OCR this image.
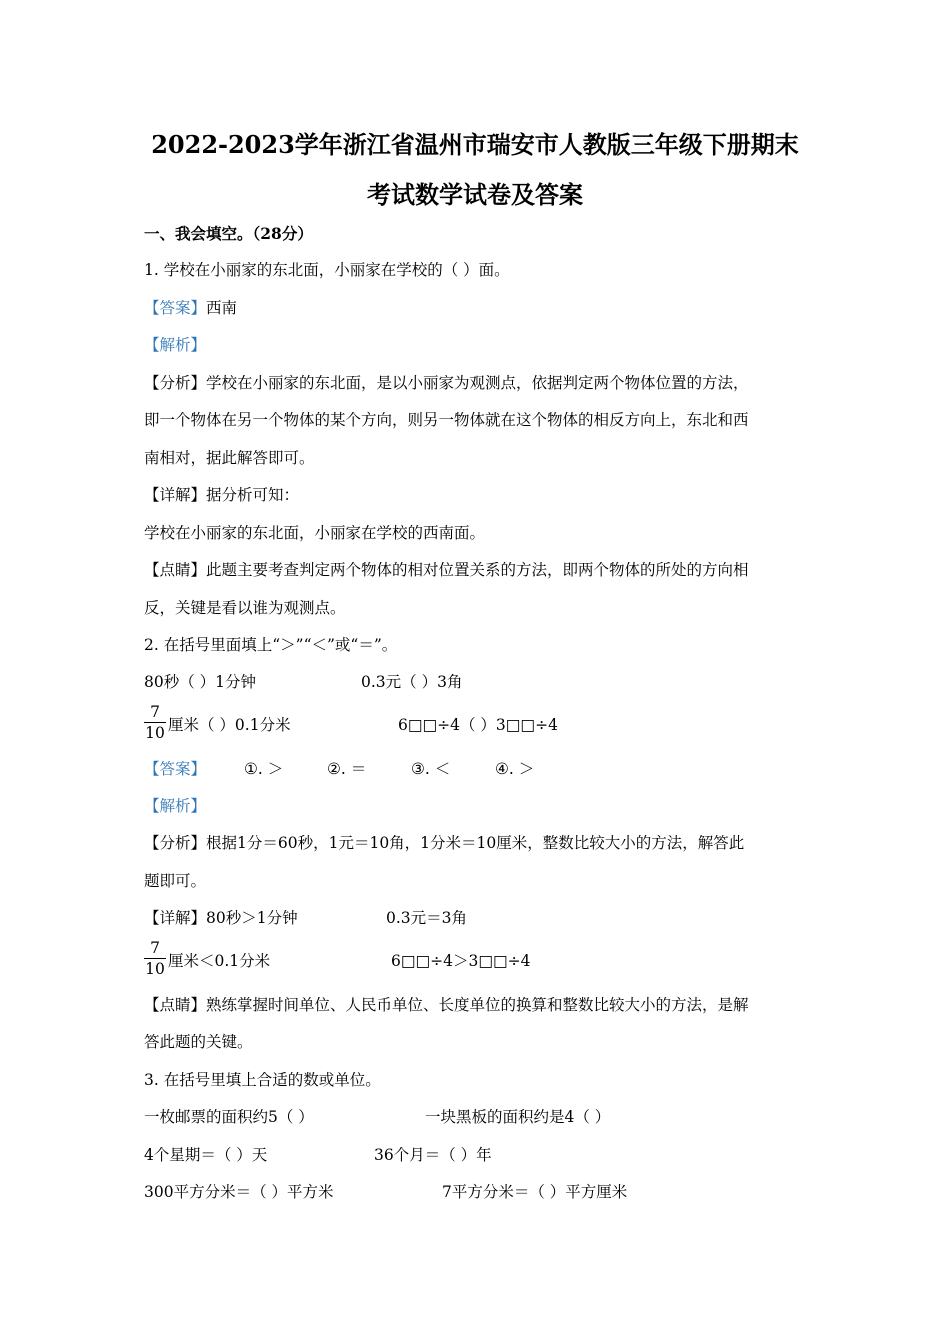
2022-2023学年浙江省温州市瑞安市人教版三年级下册期末
考试数学试卷及答案
一、我会填空。（28分）
1. 学校在小丽家的东北面，小丽家在学校的（ ）面。
【答案】西南
【解析】
【分析】学校在小丽家的东北面，是以小丽家为观测点，依据判定两个物体位置的方法，
即一个物体在另一个物体的某个方向，则另一物体就在这个物体的相反方向上，东北和西
南相对，据此解答即可。
【详解】据分析可知：
学校在小丽家的东北面，小丽家在学校的西南面。
【点睛】此题主要考查判定两个物体的相对位置关系的方法，即两个物体的所处的方向相
反，关键是看以谁为观测点。
2. 在括号里面填上“＞”“＜”或“＝”。
80秒（ ）1分钟	0.3元（ ）3角
7
10 厘米（ ）0.1分米	6□□÷4（ ）3□□÷4
【答案】 ①. ＞	②. ＝	③. ＜	④. ＞
【解析】
【分析】根据1分＝60秒，1元＝10角，1分米＝10厘米，整数比较大小的方法，解答此
题即可。
【详解】80秒＞1分钟	0.3元＝3角
7
10 厘米＜0.1分米	6□□÷4＞3□□÷4
【点睛】熟练掌握时间单位、人民币单位、长度单位的换算和整数比较大小的方法，是解
答此题的关键。
3. 在括号里填上合适的数或单位。
一枚邮票的面积约5（ ）	一块黑板的面积约是4（ ）
4个星期＝（ ）天	36个月＝（ ）年
300平方分米＝（ ）平方米	7平方分米＝（ ）平方厘米
